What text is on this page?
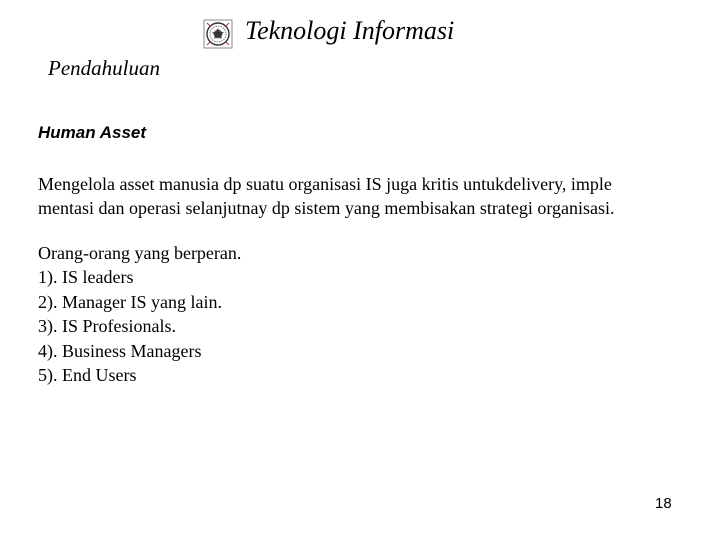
Teknologi Informasi
Pendahuluan
Human Asset
Mengelola asset manusia dp suatu organisasi IS juga kritis untukdelivery, imple
mentasi dan operasi selanjutnay dp sistem yang membisakan strategi organisasi.
Orang-orang yang berperan.
1). IS leaders
2). Manager IS yang lain.
3). IS Profesionals.
4). Business Managers
5). End Users
18
